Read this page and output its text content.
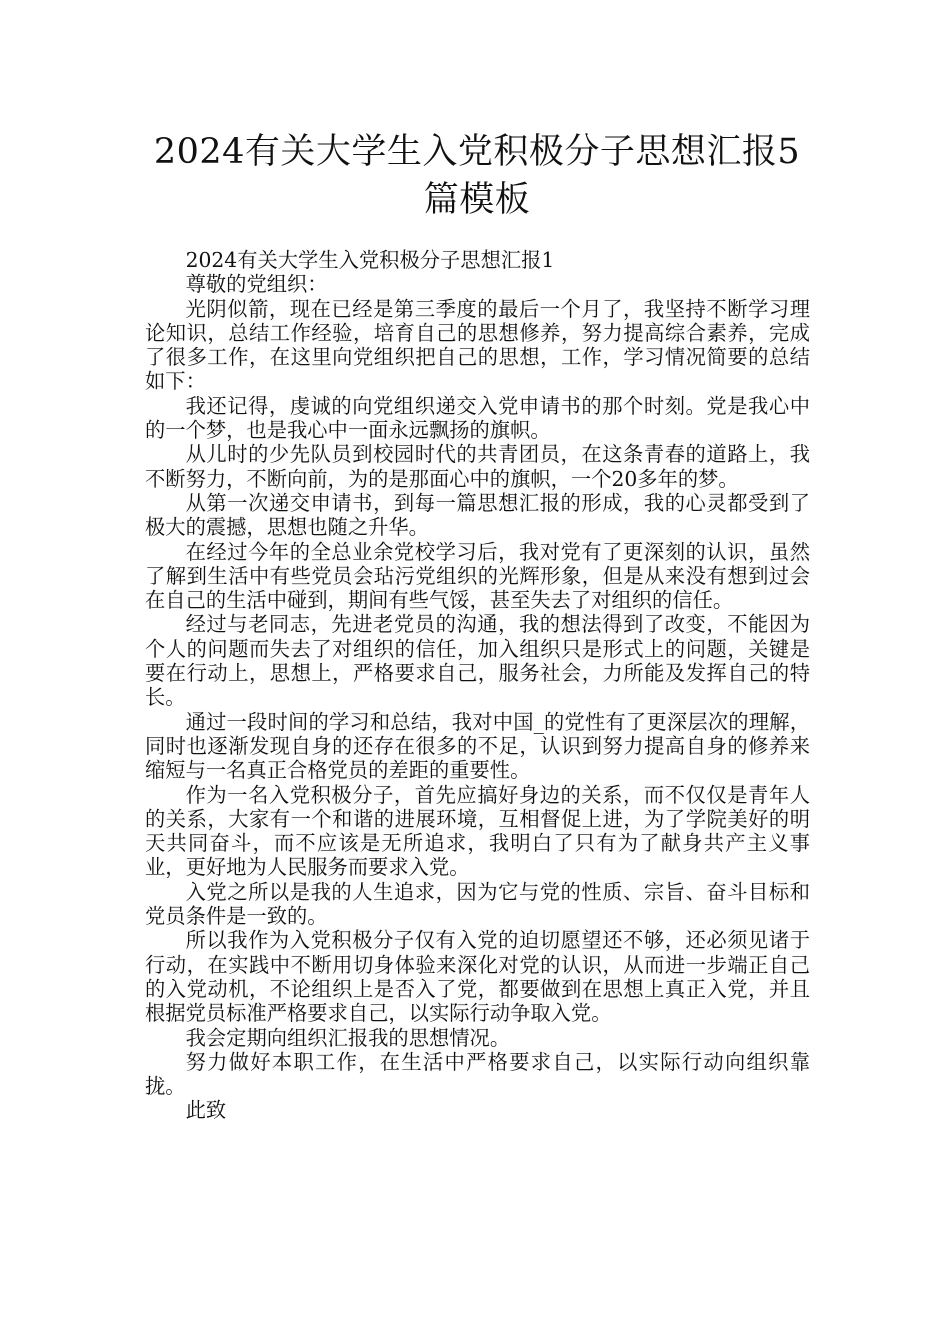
2024有关大学生入党积极分子思想汇报5篇模板

2024有关大学生入党积极分子思想汇报1

尊敬的党组织：

光阴似箭，现在已经是第三季度的最后一个月了，我坚持不断学习理论知识，总结工作经验，培育自己的思想修养，努力提高综合素养，完成了很多工作，在这里向党组织把自己的思想，工作，学习情况简要的总结如下：

我还记得，虔诚的向党组织递交入党申请书的那个时刻。党是我心中的一个梦，也是我心中一面永远飘扬的旗帜。

从儿时的少先队员到校园时代的共青团员，在这条青春的道路上，我不断努力，不断向前，为的是那面心中的旗帜，一个20多年的梦。

从第一次递交申请书，到每一篇思想汇报的形成，我的心灵都受到了极大的震撼，思想也随之升华。

在经过今年的全总业余党校学习后，我对党有了更深刻的认识，虽然了解到生活中有些党员会玷污党组织的光辉形象，但是从来没有想到过会在自己的生活中碰到，期间有些气馁，甚至失去了对组织的信任。

经过与老同志，先进老党员的沟通，我的想法得到了改变，不能因为个人的问题而失去了对组织的信任，加入组织只是形式上的问题，关键是要在行动上，思想上，严格要求自己，服务社会，力所能及发挥自己的特长。

通过一段时间的学习和总结，我对中国_的党性有了更深层次的理解，同时也逐渐发现自身的还存在很多的不足，认识到努力提高自身的修养来缩短与一名真正合格党员的差距的重要性。

作为一名入党积极分子，首先应搞好身边的关系，而不仅仅是青年人的关系，大家有一个和谐的进展环境，互相督促上进，为了学院美好的明天共同奋斗，而不应该是无所追求，我明白了只有为了献身共产主义事业，更好地为人民服务而要求入党。

入党之所以是我的人生追求，因为它与党的性质、宗旨、奋斗目标和党员条件是一致的。

所以我作为入党积极分子仅有入党的迫切愿望还不够，还必须见诸于行动，在实践中不断用切身体验来深化对党的认识，从而进一步端正自己的入党动机，不论组织上是否入了党，都要做到在思想上真正入党，并且根据党员标准严格要求自己，以实际行动争取入党。

我会定期向组织汇报我的思想情况。

努力做好本职工作，在生活中严格要求自己，以实际行动向组织靠拢。

此致
